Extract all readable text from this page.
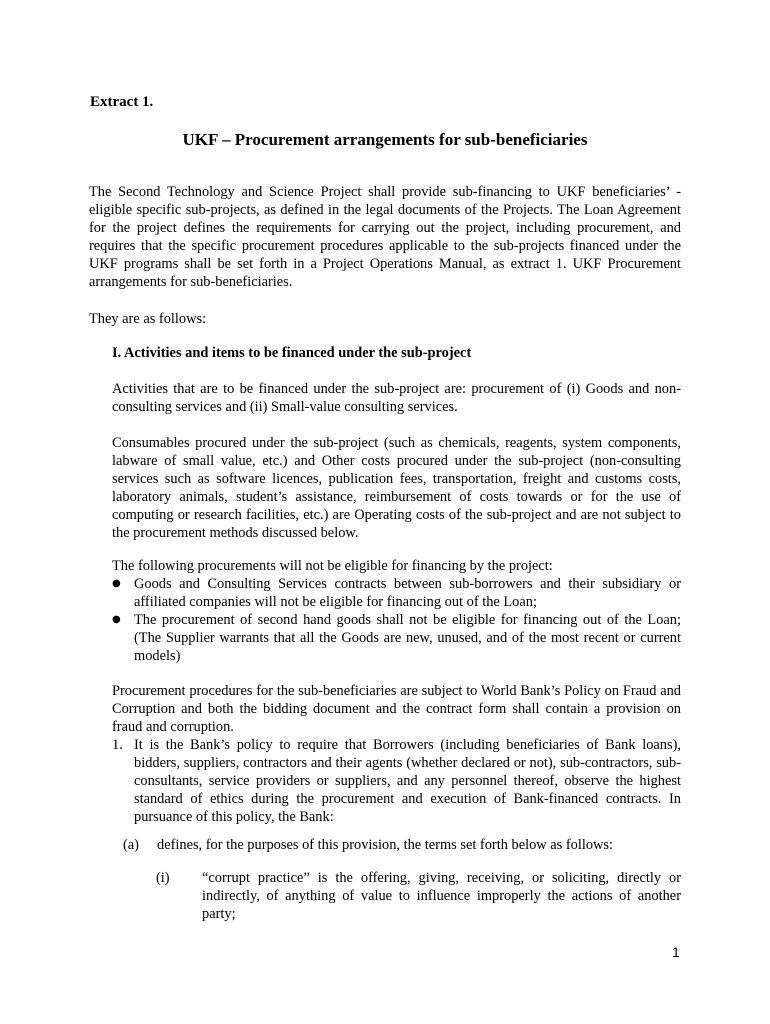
Extract 1.
UKF – Procurement arrangements for sub-beneficiaries
The Second Technology and Science Project shall provide sub-financing to UKF beneficiaries’ - eligible specific sub-projects, as defined in the legal documents of the Projects. The Loan Agreement for the project defines the requirements for carrying out the project, including procurement, and requires that the specific procurement procedures applicable to the sub-projects financed under the UKF programs shall be set forth in a Project Operations Manual, as extract 1. UKF Procurement arrangements for sub-beneficiaries.
They are as follows:
I. Activities and items to be financed under the sub-project
Activities that are to be financed under the sub-project are: procurement of (i) Goods and non-consulting services and (ii) Small-value consulting services.
Consumables procured under the sub-project (such as chemicals, reagents, system components, labware of small value, etc.) and Other costs procured under the sub-project (non-consulting services such as software licences, publication fees, transportation, freight and customs costs, laboratory animals, student’s assistance, reimbursement of costs towards or for the use of computing or research facilities, etc.) are Operating costs of the sub-project and are not subject to the procurement methods discussed below.
The following procurements will not be eligible for financing by the project:
● Goods and Consulting Services contracts between sub-borrowers and their subsidiary or affiliated companies will not be eligible for financing out of the Loan;
● The procurement of second hand goods shall not be eligible for financing out of the Loan; (The Supplier warrants that all the Goods are new, unused, and of the most recent or current models)
Procurement procedures for the sub-beneficiaries are subject to World Bank’s Policy on Fraud and Corruption and both the bidding document and the contract form shall contain a provision on fraud and corruption.
1. It is the Bank’s policy to require that Borrowers (including beneficiaries of Bank loans), bidders, suppliers, contractors and their agents (whether declared or not), sub-contractors, sub-consultants, service providers or suppliers, and any personnel thereof, observe the highest standard of ethics during the procurement and execution of Bank-financed contracts. In pursuance of this policy, the Bank:
(a) defines, for the purposes of this provision, the terms set forth below as follows:
(i) “corrupt practice” is the offering, giving, receiving, or soliciting, directly or indirectly, of anything of value to influence improperly the actions of another party;
1
